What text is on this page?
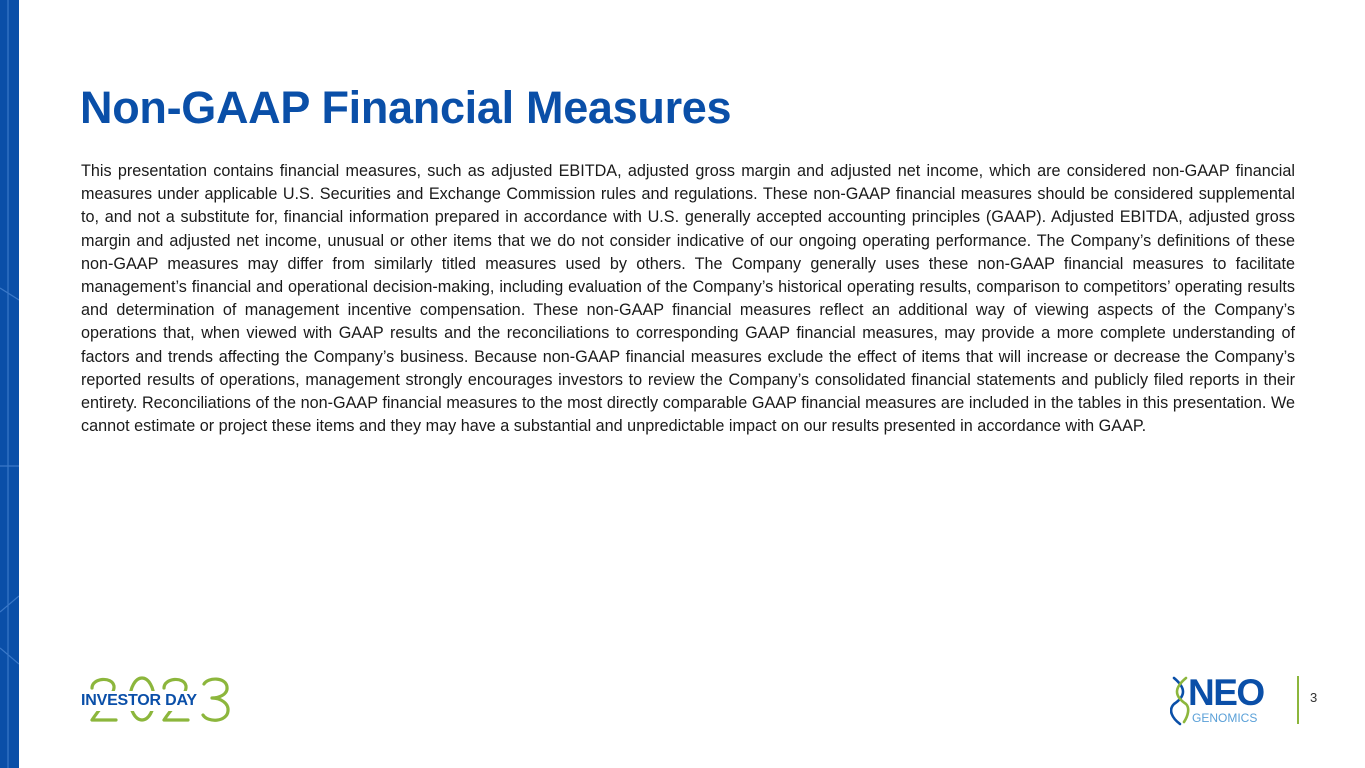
Non-GAAP Financial Measures

This presentation contains financial measures, such as adjusted EBITDA, adjusted gross margin and adjusted net income, which are considered non-GAAP financial measures under applicable U.S. Securities and Exchange Commission rules and regulations. These non-GAAP financial measures should be considered supplemental to, and not a substitute for, financial information prepared in accordance with U.S. generally accepted accounting principles (GAAP). Adjusted EBITDA, adjusted gross margin and adjusted net income, unusual or other items that we do not consider indicative of our ongoing operating performance. The Company’s definitions of these non-GAAP measures may differ from similarly titled measures used by others. The Company generally uses these non-GAAP financial measures to facilitate management’s financial and operational decision-making, including evaluation of the Company’s historical operating results, comparison to competitors’ operating results and determination of management incentive compensation. These non-GAAP financial measures reflect an additional way of viewing aspects of the Company’s operations that, when viewed with GAAP results and the reconciliations to corresponding GAAP financial measures, may provide a more complete understanding of factors and trends affecting the Company’s business. Because non-GAAP financial measures exclude the effect of items that will increase or decrease the Company’s reported results of operations, management strongly encourages investors to review the Company’s consolidated financial statements and publicly filed reports in their entirety. Reconciliations of the non-GAAP financial measures to the most directly comparable GAAP financial measures are included in the tables in this presentation. We cannot estimate or project these items and they may have a substantial and unpredictable impact on our results presented in accordance with GAAP.

INVESTOR DAY	NEO
GENOMICS
3
